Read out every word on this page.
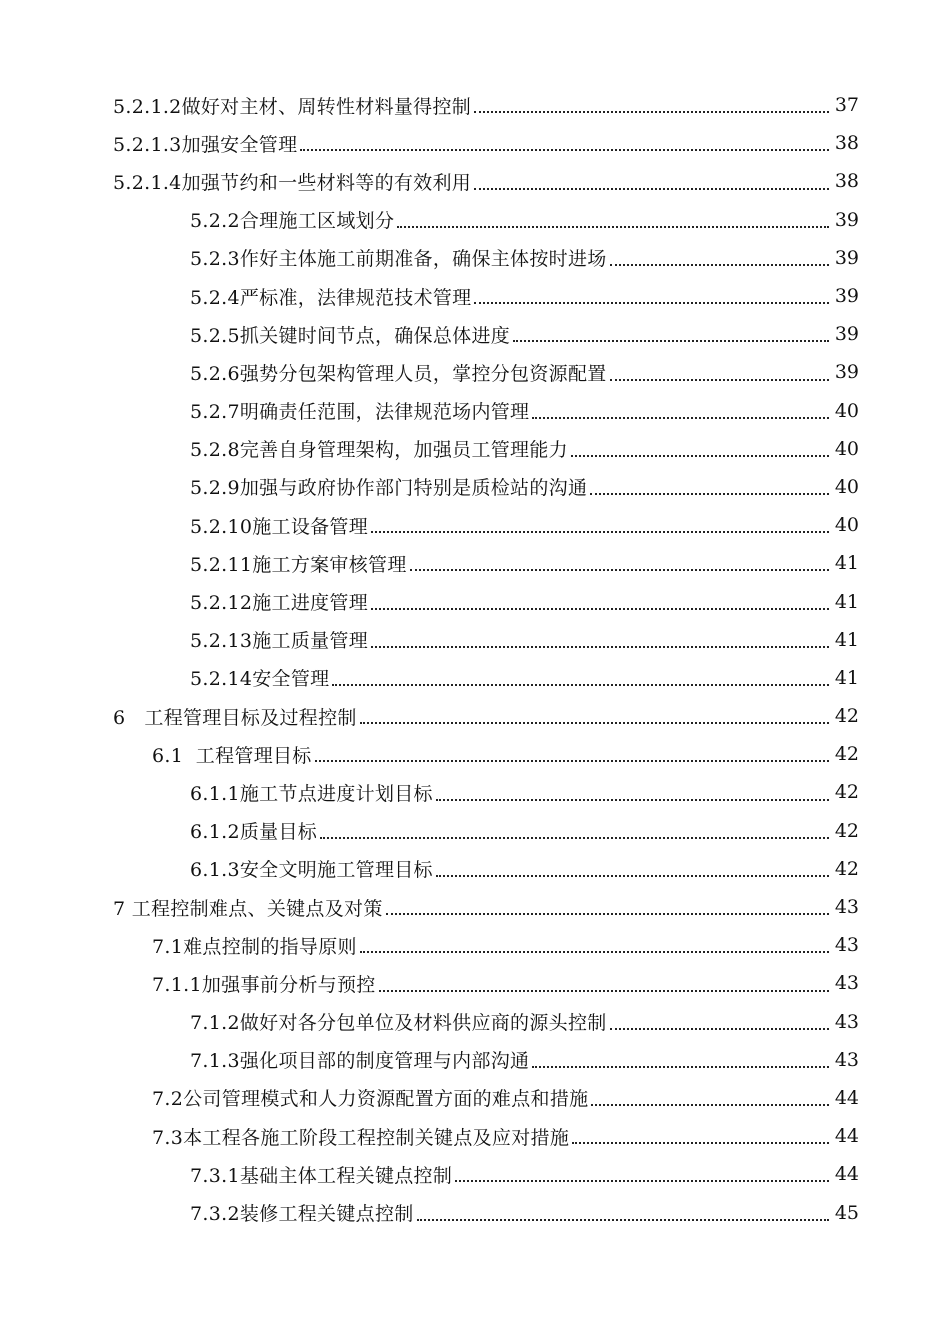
5.2.1.2做好对主材、周转性材料量得控制	37
5.2.1.3加强安全管理	38
5.2.1.4加强节约和一些材料等的有效利用	38
5.2.2合理施工区域划分	39
5.2.3作好主体施工前期准备，确保主体按时进场	39
5.2.4严标准，法律规范技术管理	39
5.2.5抓关键时间节点，确保总体进度	39
5.2.6强势分包架构管理人员，掌控分包资源配置	39
5.2.7明确责任范围，法律规范场内管理	40
5.2.8完善自身管理架构，加强员工管理能力	40
5.2.9加强与政府协作部门特别是质检站的沟通	40
5.2.10施工设备管理	40
5.2.11施工方案审核管理	41
5.2.12施工进度管理	41
5.2.13施工质量管理	41
5.2.14安全管理	41
6   工程管理目标及过程控制	42
6.1  工程管理目标	42
6.1.1施工节点进度计划目标	42
6.1.2质量目标	42
6.1.3安全文明施工管理目标	42
7 工程控制难点、关键点及对策	43
7.1难点控制的指导原则	43
7.1.1加强事前分析与预控	43
7.1.2做好对各分包单位及材料供应商的源头控制	43
7.1.3强化项目部的制度管理与内部沟通	43
7.2公司管理模式和人力资源配置方面的难点和措施	44
7.3本工程各施工阶段工程控制关键点及应对措施	44
7.3.1基础主体工程关键点控制	44
7.3.2装修工程关键点控制	45
